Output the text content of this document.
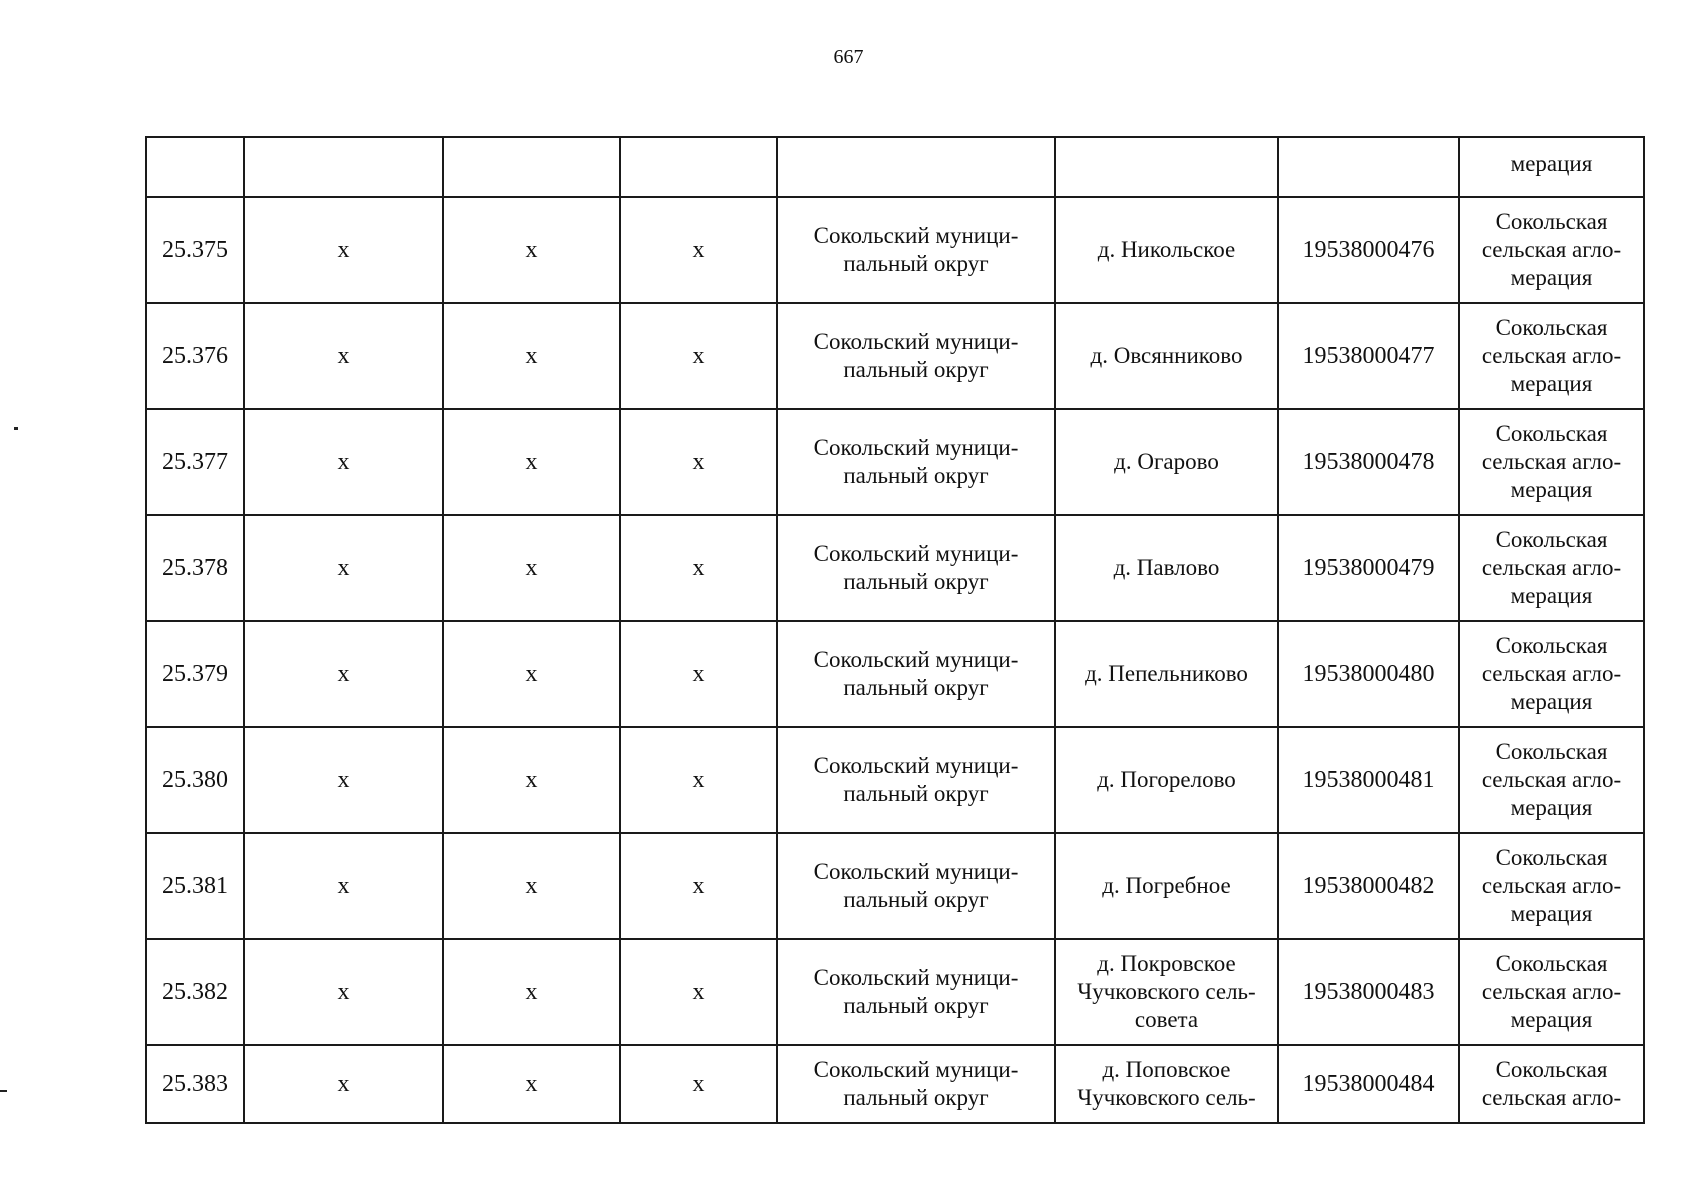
667
							мерация
25.375	х	х	х	Сокольский муници-
пальный округ	д. Никольское	19538000476	Сокольская
сельская агло-
мерация
25.376	х	х	х	Сокольский муници-
пальный округ	д. Овсянниково	19538000477	Сокольская
сельская агло-
мерация
25.377	х	х	х	Сокольский муници-
пальный округ	д. Огарово	19538000478	Сокольская
сельская агло-
мерация
25.378	х	х	х	Сокольский муници-
пальный округ	д. Павлово	19538000479	Сокольская
сельская агло-
мерация
25.379	х	х	х	Сокольский муници-
пальный округ	д. Пепельниково	19538000480	Сокольская
сельская агло-
мерация
25.380	х	х	х	Сокольский муници-
пальный округ	д. Погорелово	19538000481	Сокольская
сельская агло-
мерация
25.381	х	х	х	Сокольский муници-
пальный округ	д. Погребное	19538000482	Сокольская
сельская агло-
мерация
25.382	х	х	х	Сокольский муници-
пальный округ	д. Покровское
Чучковского сель-
совета	19538000483	Сокольская
сельская агло-
мерация
25.383	х	х	х	Сокольский муници-
пальный округ	д. Поповское
Чучковского сель-	19538000484	Сокольская
сельская агло-
